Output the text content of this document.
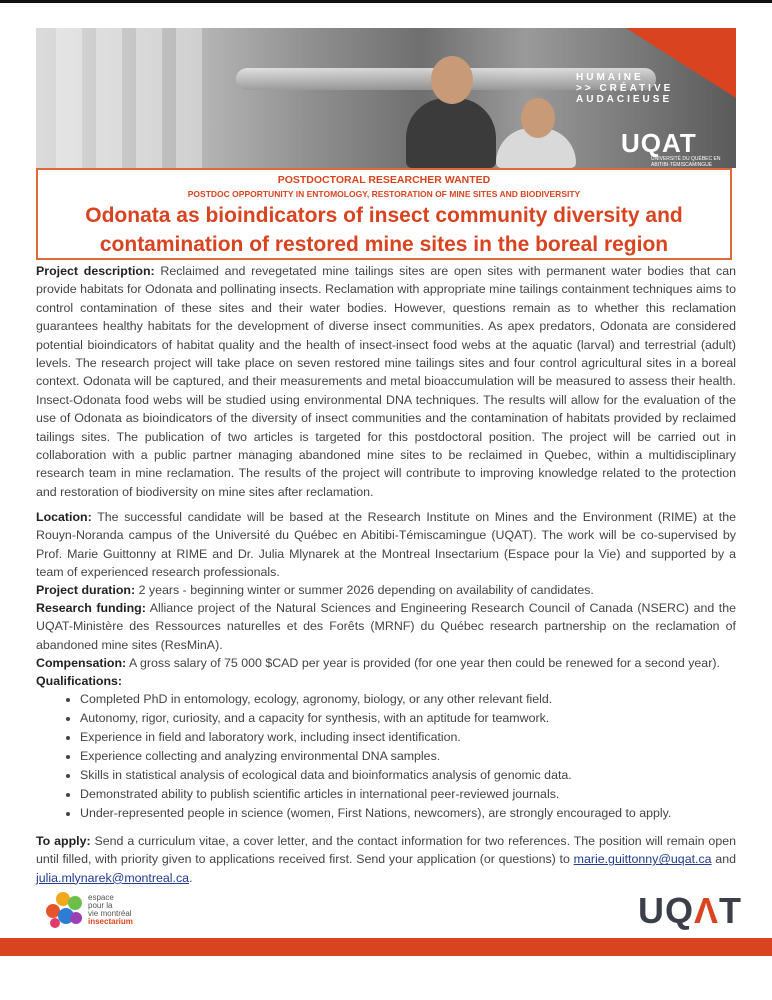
HUMAINE
>> CRÉATIVE
AUDACIEUSE
UQAT
UNIVERSITÉ DU QUÉBEC EN ABITIBI-TÉMISCAMINGUE
POSTDOCTORAL RESEARCHER WANTED
POSTDOC OPPORTUNITY IN ENTOMOLOGY, RESTORATION OF MINE SITES AND BIODIVERSITY
Odonata as bioindicators of insect community diversity and
contamination of restored mine sites in the boreal region
Project description: Reclaimed and revegetated mine tailings sites are open sites with permanent water bodies that can provide habitats for Odonata and pollinating insects. Reclamation with appropriate mine tailings containment techniques aims to control contamination of these sites and their water bodies. However, questions remain as to whether this reclamation guarantees healthy habitats for the development of diverse insect communities. As apex predators, Odonata are considered potential bioindicators of habitat quality and the health of insect-insect food webs at the aquatic (larval) and terrestrial (adult) levels. The research project will take place on seven restored mine tailings sites and four control agricultural sites in a boreal context. Odonata will be captured, and their measurements and metal bioaccumulation will be measured to assess their health. Insect-Odonata food webs will be studied using environmental DNA techniques. The results will allow for the evaluation of the use of Odonata as bioindicators of the diversity of insect communities and the contamination of habitats provided by reclaimed tailings sites. The publication of two articles is targeted for this postdoctoral position. The project will be carried out in collaboration with a public partner managing abandoned mine sites to be reclaimed in Quebec, within a multidisciplinary research team in mine reclamation. The results of the project will contribute to improving knowledge related to the protection and restoration of biodiversity on mine sites after reclamation.
Location: The successful candidate will be based at the Research Institute on Mines and the Environment (RIME) at the Rouyn-Noranda campus of the Université du Québec en Abitibi-Témiscamingue (UQAT). The work will be co-supervised by Prof. Marie Guittonny at RIME and Dr. Julia Mlynarek at the Montreal Insectarium (Espace pour la Vie) and supported by a team of experienced research professionals.
Project duration: 2 years - beginning winter or summer 2026 depending on availability of candidates.
Research funding: Alliance project of the Natural Sciences and Engineering Research Council of Canada (NSERC) and the UQAT-Ministère des Ressources naturelles et des Forêts (MRNF) du Québec research partnership on the reclamation of abandoned mine sites (ResMinA).
Compensation: A gross salary of 75 000 $CAD per year is provided (for one year then could be renewed for a second year).
Qualifications:
• Completed PhD in entomology, ecology, agronomy, biology, or any other relevant field.
• Autonomy, rigor, curiosity, and a capacity for synthesis, with an aptitude for teamwork.
• Experience in field and laboratory work, including insect identification.
• Experience collecting and analyzing environmental DNA samples.
• Skills in statistical analysis of ecological data and bioinformatics analysis of genomic data.
• Demonstrated ability to publish scientific articles in international peer-reviewed journals.
• Under-represented people in science (women, First Nations, newcomers), are strongly encouraged to apply.
To apply: Send a curriculum vitae, a cover letter, and the contact information for two references. The position will remain open until filled, with priority given to applications received first. Send your application (or questions) to marie.guittonny@uqat.ca and julia.mlynarek@montreal.ca.
espace
pour la
vie montréal
insectarium	UQΛT
